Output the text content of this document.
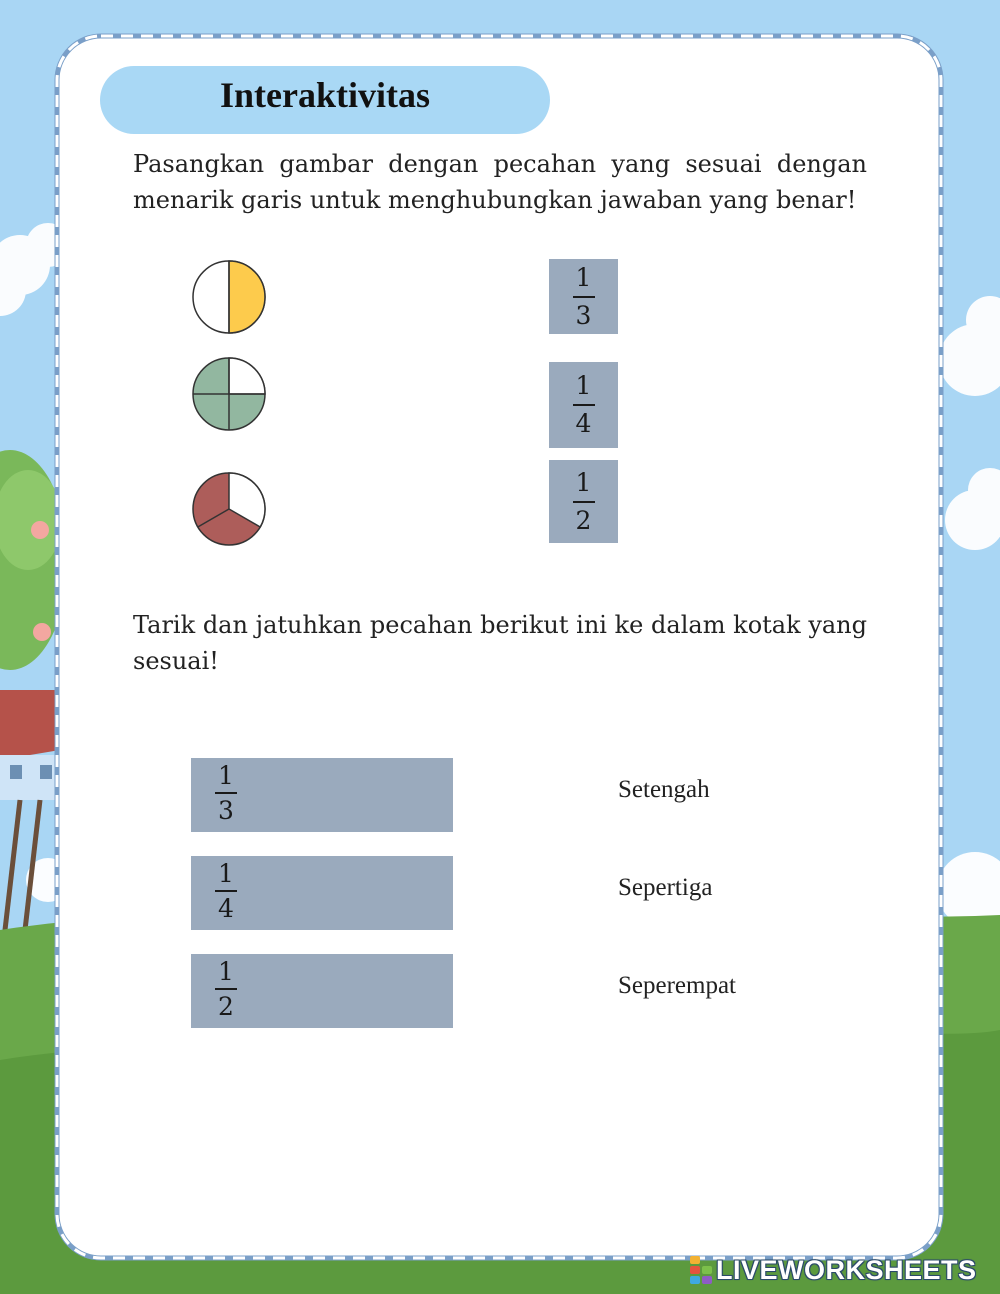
Interaktivitas
Pasangkan gambar dengan pecahan yang sesuai dengan menarik garis untuk menghubungkan jawaban yang benar!
1
3
1
4
1
2
Tarik dan jatuhkan pecahan berikut ini ke dalam kotak yang sesuai!
1
3
1
4
1
2
Setengah
Sepertiga
Seperempat
LIVEWORKSHEETS
